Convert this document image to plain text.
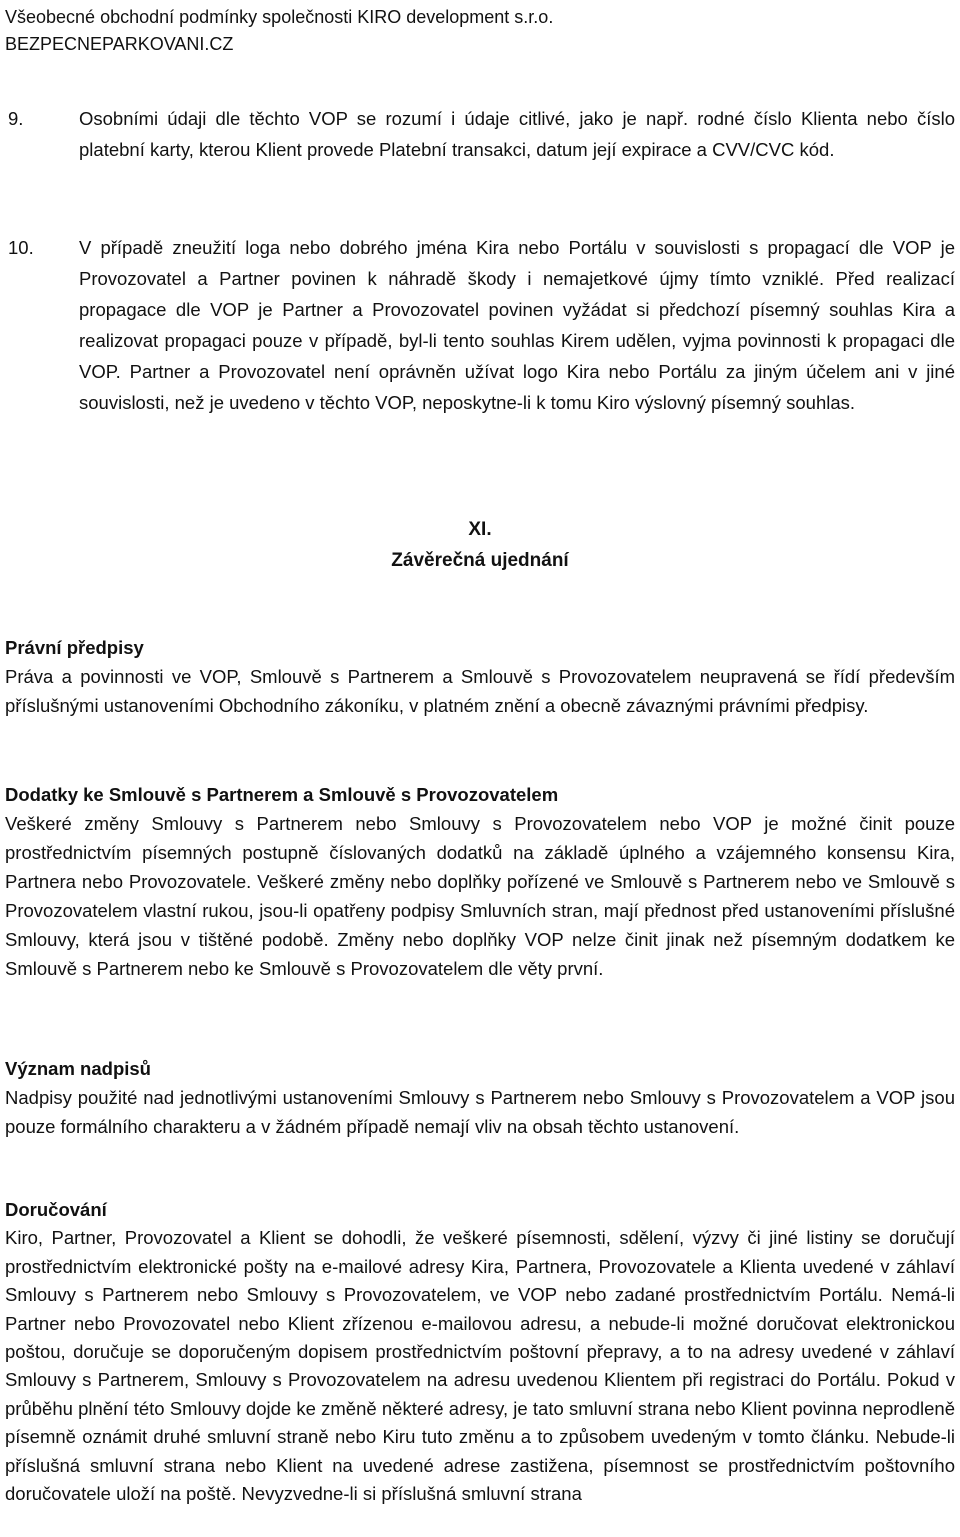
Všeobecné obchodní podmínky společnosti KIRO development s.r.o.
BEZPECNEPARKOVANI.CZ
9.	Osobními údaji dle těchto VOP se rozumí i údaje citlivé, jako je např. rodné číslo Klienta nebo číslo platební karty, kterou Klient provede Platební transakci, datum její expirace a CVV/CVC kód.
10. V případě zneužití loga nebo dobrého jména Kira nebo Portálu v souvislosti s propagací dle VOP je Provozovatel a Partner povinen k náhradě škody i nemajetkové újmy tímto vzniklé. Před realizací propagace dle VOP je Partner a Provozovatel povinen vyžádat si předchozí písemný souhlas Kira a realizovat propagaci pouze v případě, byl-li tento souhlas Kirem udělen, vyjma povinnosti k propagaci dle VOP. Partner a Provozovatel není oprávněn užívat logo Kira nebo Portálu za jiným účelem ani v jiné souvislosti, než je uvedeno v těchto VOP, neposkytne-li k tomu Kiro výslovný písemný souhlas.
XI.
Závěrečná ujednání
Právní předpisy
Práva a povinnosti ve VOP, Smlouvě s Partnerem a Smlouvě s Provozovatelem neupravená se řídí především příslušnými ustanoveními Obchodního zákoníku, v platném znění a obecně závaznými právními předpisy.
Dodatky ke Smlouvě s Partnerem a Smlouvě s Provozovatelem
Veškeré změny Smlouvy s Partnerem nebo Smlouvy s Provozovatelem nebo VOP je možné činit pouze prostřednictvím písemných postupně číslovaných dodatků na základě úplného a vzájemného konsensu Kira, Partnera nebo Provozovatele. Veškeré změny nebo doplňky pořízené ve Smlouvě s Partnerem nebo ve Smlouvě s Provozovatelem vlastní rukou, jsou-li opatřeny podpisy Smluvních stran, mají přednost před ustanoveními příslušné Smlouvy, která jsou v tištěné podobě. Změny nebo doplňky VOP nelze činit jinak než písemným dodatkem ke Smlouvě s Partnerem nebo ke Smlouvě s Provozovatelem dle věty první.
Význam nadpisů
Nadpisy použité nad jednotlivými ustanoveními Smlouvy s Partnerem nebo Smlouvy s Provozovatelem a VOP jsou pouze formálního charakteru a v žádném případě nemají vliv na obsah těchto ustanovení.
Doručování
Kiro, Partner, Provozovatel a Klient se dohodli, že veškeré písemnosti, sdělení, výzvy či jiné listiny se doručují prostřednictvím elektronické pošty na e-mailové adresy Kira, Partnera, Provozovatele a Klienta uvedené v záhlaví Smlouvy s Partnerem nebo Smlouvy s Provozovatelem, ve VOP nebo zadané prostřednictvím Portálu. Nemá-li Partner nebo Provozovatel nebo Klient zřízenou e-mailovou adresu, a nebude-li možné doručovat elektronickou poštou, doručuje se doporučeným dopisem prostřednictvím poštovní přepravy, a to na adresy uvedené v záhlaví Smlouvy s Partnerem, Smlouvy s Provozovatelem na adresu uvedenou Klientem při registraci do Portálu. Pokud v průběhu plnění této Smlouvy dojde ke změně některé adresy, je tato smluvní strana nebo Klient povinna neprodleně písemně oznámit druhé smluvní straně nebo Kiru tuto změnu a to způsobem uvedeným v tomto článku. Nebude-li příslušná smluvní strana nebo Klient na uvedené adrese zastižena, písemnost se prostřednictvím poštovního doručovatele uloží na poště. Nevyzvedne-li si příslušná smluvní strana
